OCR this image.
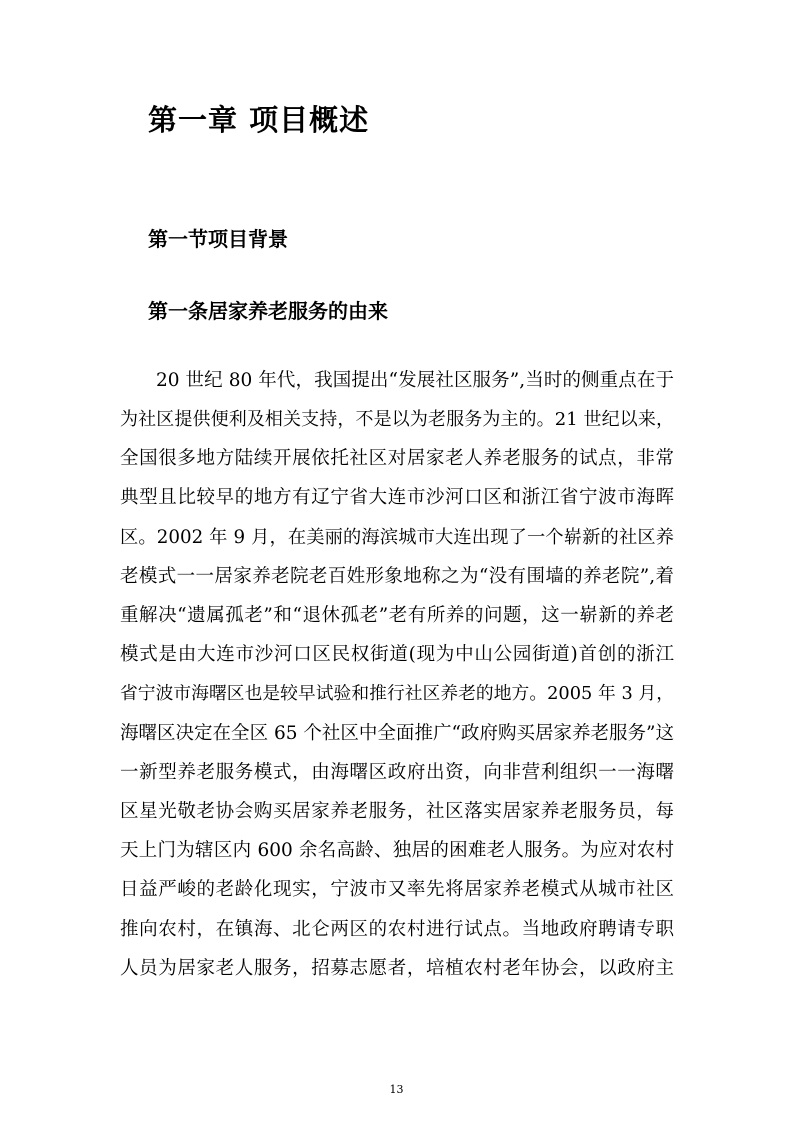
第一章 项目概述
第一节项目背景
第一条居家养老服务的由来

20 世纪 80 年代，我国提出“发展社区服务”,当时的侧重点在于

为社区提供便利及相关支持，不是以为老服务为主的。21 世纪以来，

全国很多地方陆续开展依托社区对居家老人养老服务的试点，非常

典型且比较早的地方有辽宁省大连市沙河口区和浙江省宁波市海晖

区。2002 年 9 月，在美丽的海滨城市大连出现了一个崭新的社区养

老模式一一居家养老院老百姓形象地称之为“没有围墙的养老院”,着

重解决“遗属孤老”和“退休孤老”老有所养的问题，这一崭新的养老

模式是由大连市沙河口区民权街道(现为中山公园街道)首创的浙江

省宁波市海曙区也是较早试验和推行社区养老的地方。2005 年 3 月，

海曙区决定在全区 65 个社区中全面推广“政府购买居家养老服务”这

一新型养老服务模式，由海曙区政府出资，向非营利组织一一海曙

区星光敬老协会购买居家养老服务，社区落实居家养老服务员，每

天上门为辖区内 600 余名高龄、独居的困难老人服务。为应对农村

日益严峻的老龄化现实，宁波市又率先将居家养老模式从城市社区

推向农村，在镇海、北仑两区的农村进行试点。当地政府聘请专职

人员为居家老人服务，招募志愿者，培植农村老年协会，以政府主

13
